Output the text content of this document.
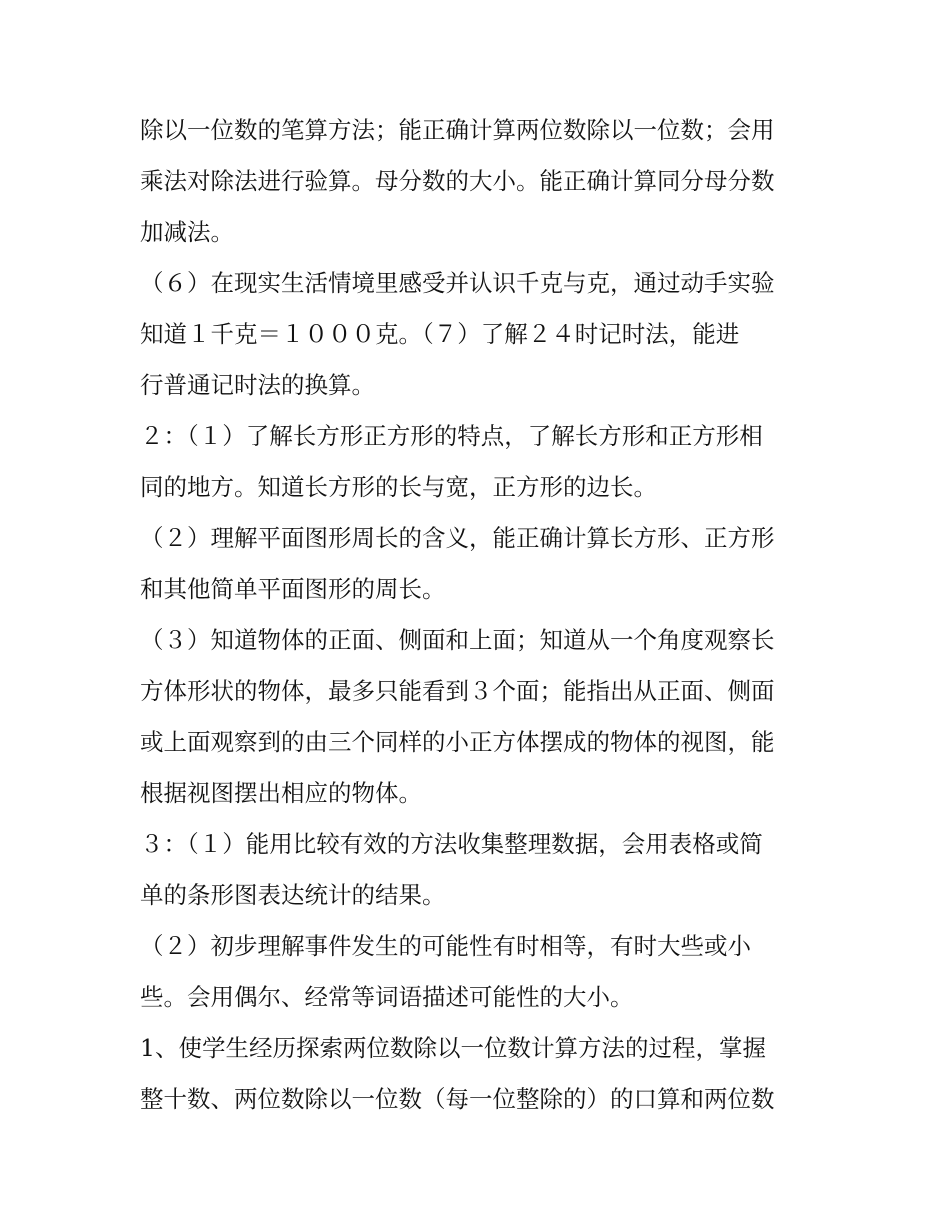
除以一位数的笔算方法；能正确计算两位数除以一位数；会用
乘法对除法进行验算。母分数的大小。能正确计算同分母分数
加减法。
（６）在现实生活情境里感受并认识千克与克，通过动手实验
知道１千克＝１０００克。（７）了解２４时记时法，能进
行普通记时法的换算。
２：（１）了解长方形正方形的特点，了解长方形和正方形相
同的地方。知道长方形的长与宽，正方形的边长。
（２）理解平面图形周长的含义，能正确计算长方形、正方形
和其他简单平面图形的周长。
（３）知道物体的正面、侧面和上面；知道从一个角度观察长
方体形状的物体，最多只能看到３个面；能指出从正面、侧面
或上面观察到的由三个同样的小正方体摆成的物体的视图，能
根据视图摆出相应的物体。
３：（１）能用比较有效的方法收集整理数据，会用表格或简
单的条形图表达统计的结果。
（２）初步理解事件发生的可能性有时相等，有时大些或小
些。会用偶尔、经常等词语描述可能性的大小。
1、使学生经历探索两位数除以一位数计算方法的过程，掌握
整十数、两位数除以一位数（每一位整除的）的口算和两位数
